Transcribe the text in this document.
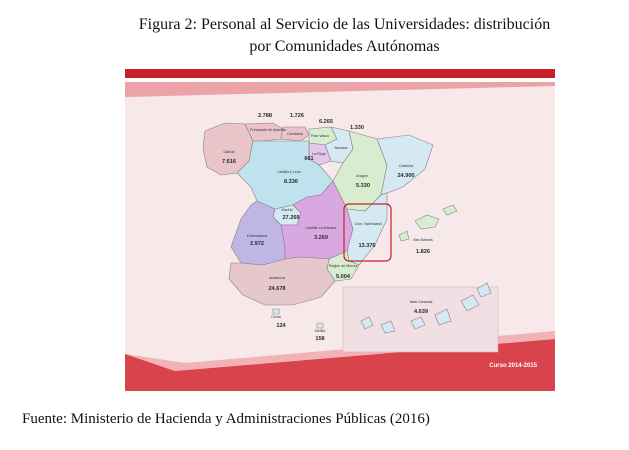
Figura 2: Personal al Servicio de las Universidades: distribución
por Comunidades Autónomas
Galicia
7.616
Principado de Asturias
2.788
Cantabria
1.726
País Vasco
6.265
Navarra
1.330
La Rioja
661
Castilla y León
8.336
Aragón
5.330
Cataluña
24.900
Madrid
27.269
Castilla-La Mancha
3.269
Extremadura
2.972
Com. Valenciana
13.376
Región de Murcia
5.004
Andalucía
24.678
Illes Balears
1.826
Islas Canarias
4.639
Ceuta
124
Melilla
158
Curso 2014-2015
Fuente: Ministerio de Hacienda y Administraciones Públicas (2016)
